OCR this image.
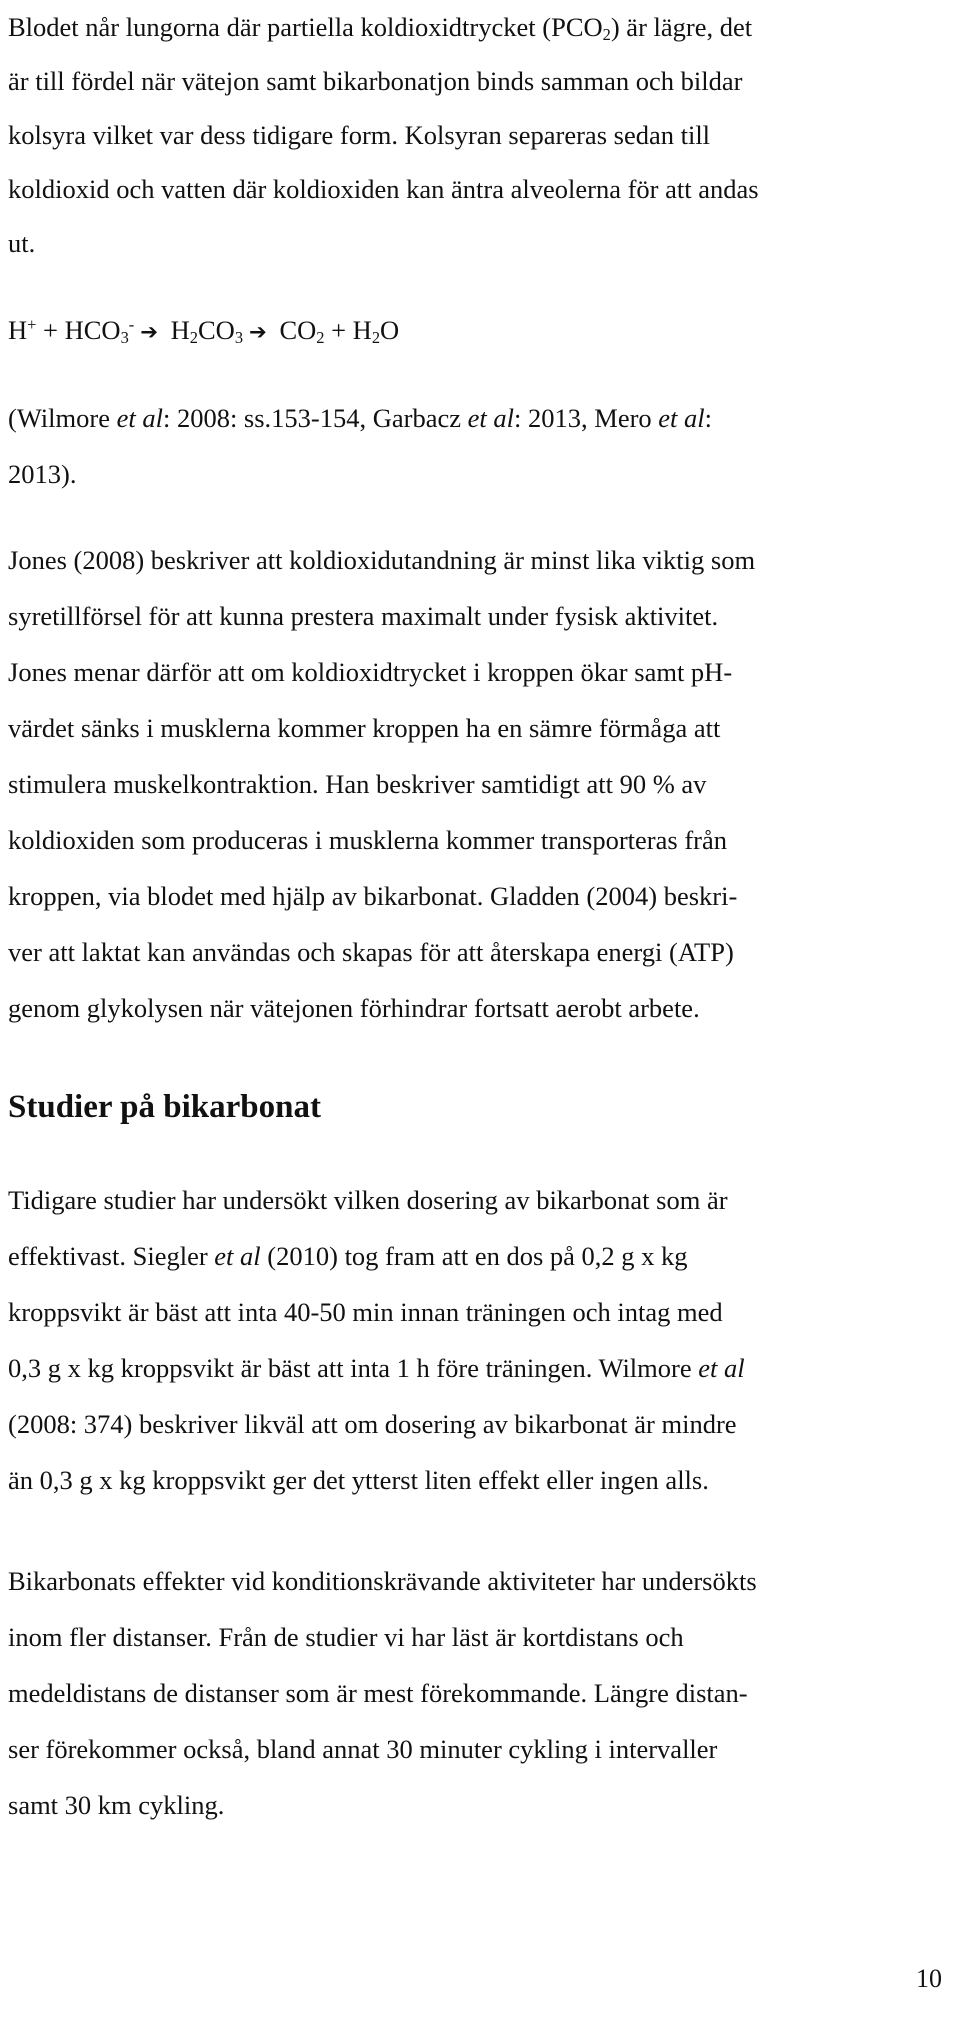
Blodet når lungorna där partiella koldioxidtrycket $(PCO_2)$ är lägre, det
är till fördel när vätejon samt bikarbonatjon binds samman och bildar
kolsyra vilket var dess tidigare form. Kolsyran separeras sedan till
koldioxid och vatten där koldioxiden kan äntra alveolerna för att andas
ut.
$H^+ + HCO_3^-$ ➔ $H_2CO_3$ ➔ $CO_2 + H_2O$
(Wilmore et al: 2008: ss.153-154, Garbacz et al: 2013, Mero et al:
2013).
Jones (2008) beskriver att koldioxidutandning är minst lika viktig som
syretillförsel för att kunna prestera maximalt under fysisk aktivitet.
Jones menar därför att om koldioxidtrycket i kroppen ökar samt pH-
värdet sänks i musklerna kommer kroppen ha en sämre förmåga att
stimulera muskelkontraktion. Han beskriver samtidigt att 90 % av
koldioxiden som produceras i musklerna kommer transporteras från
kroppen, via blodet med hjälp av bikarbonat. Gladden (2004) beskri-
ver att laktat kan användas och skapas för att återskapa energi (ATP)
genom glykolysen när vätejonen förhindrar fortsatt aerobt arbete.
Studier på bikarbonat
Tidigare studier har undersökt vilken dosering av bikarbonat som är
effektivast. Siegler et al (2010) tog fram att en dos på 0,2 g x kg
kroppsvikt är bäst att inta 40-50 min innan träningen och intag med
0,3 g x kg kroppsvikt är bäst att inta 1 h före träningen. Wilmore et al
(2008: 374) beskriver likväl att om dosering av bikarbonat är mindre
än 0,3 g x kg kroppsvikt ger det ytterst liten effekt eller ingen alls.
Bikarbonats effekter vid konditionskrävande aktiviteter har undersökts
inom fler distanser. Från de studier vi har läst är kortdistans och
medeldistans de distanser som är mest förekommande. Längre distan-
ser förekommer också, bland annat 30 minuter cykling i intervaller
samt 30 km cykling.
10
